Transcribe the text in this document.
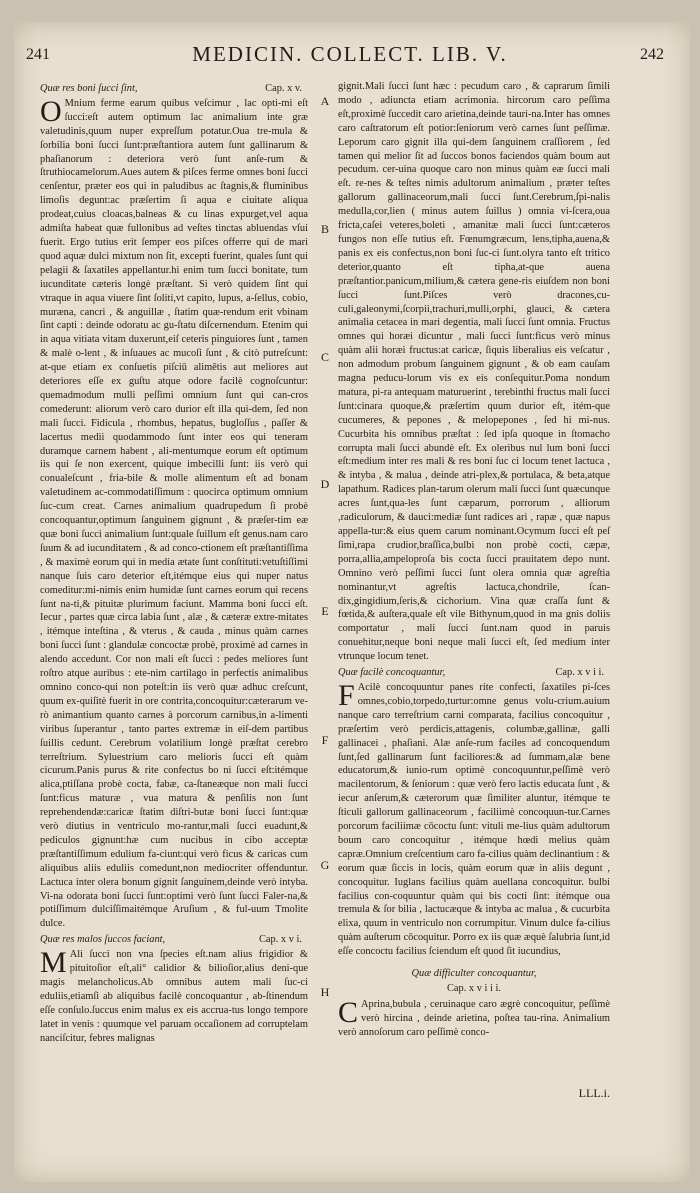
241	MEDICIN. COLLECT. LIB. V.	242
Quæ res boni ſucci ſint,	Cap. x v.

O Mnium ferme earum quibus veſcimur , lac opti-mi eſt ſucci:eſt autem optimum lac animalium inte græ valetudinis,quum nuper expreſſum potatur.Oua tre-mula & ſorbilia boni ſucci ſunt:præſtantiora autem ſunt gallinarum & phaſianorum : deteriora verò ſunt anſe-rum & ſtruthiocamelorum.Aues autem & piſces ferme omnes boni ſucci cenſentur, præter eos qui in paludibus ac ſtagnis,& fluminibus limoſis degunt:ac præſertim ſi aqua e ciuitate aliqua prodeat,cuius cloacas,balneas & cu linas expurget,vel aqua admiſta habeat quæ fullonibus ad veſtes tinctas abluendas vſui fuerit. Ergo tutius erit ſemper eos piſces offerre qui de mari quod aquæ dulci mixtum non ſit, excepti fuerint, quales ſunt qui pelagii & ſaxatiles appellantur.hi enim tum ſucci bonitate, tum iucunditate cæteris longè præſtant. Si verò quidem ſint qui vtraque in aqua viuere ſint ſoliti,vt capito, lupus, a-ſellus, cobio, murænа, cancri , & anguillæ , ſtatim quæ-rendum erit vbinam ſint capti : deinde odoratu ac gu-ſtatu diſcernendum. Etenim qui in aqua vitiata vitam duxerunt,eiſ ceteris pinguiores ſunt , tamen & malè o-lent , & inſuaues ac mucoſi ſunt , & citò putreſcunt: at-que etiam ex conſuetis piſciū alimētis aut meliores aut deteriores eſſe ex guſtu atque odore facilè cognoſcuntur: quemadmodum mulli peſſimi omnium ſunt qui can-cros comederunt: aliorum verò caro durior eſt illa qui-dem, ſed non mali ſucci. Fidicula , rhombus, hepatus, bugloſſus , paſſer & lacertus medii quodammodo ſunt inter eos qui teneram duramque carnem habent , ali-mentumque eorum eſt optimum iis qui ſe non exercent, quique imbecilli ſunt: iis verò qui conualeſcunt , fria-bile & molle alimentum eſt ad bonam valetudinem ac-commodatiſſimum : quocirca optimum omnium ſuc-cum creat. Carnes animalium quadrupedum ſi probè concoquantur,optimum ſanguinem gignunt , & præſer-tim eæ quæ boni ſucci animalium ſunt:quale ſuillum eſt genus.nam caro ſuum & ad iucunditatem , & ad conco-ctionem eſt præſtantiſſima , & maximè eorum qui in media ætate ſunt conſtituti:vetuſtiſſimi nanque ſuis caro deterior eſt,itémque eius qui nuper natus comeditur:mi-nimis enim humidæ ſunt carnes eorum qui recens ſunt na-ti,& pituitæ plurimum faciunt. Mamma boni ſucci eſt. Iecur , partes quæ circa labia ſunt , alæ , & cæteræ extre-mitates , itémque inteſtina , & vterus , & cauda , minus quàm carnes boni ſucci ſunt : glandulæ concoctæ probè, proximè ad carnes in alendo accedunt. Cor non mali eſt ſucci : pedes meliores ſunt roſtro atque auribus : ete-nim cartilago in perfectis animalibus omnino conco-qui non poteſt:in iis verò quæ adhuc creſcunt, quum ex-quiſitè fuerit in ore contrita,concoquitur:cæterarum ve-rò animantium quanto carnes à porcorum carnibus,in a-limenti viribus ſuperantur , tanto partes extremæ in eiſ-dem partibus ſuillis cedunt. Cerebrum volatilium longè præſtat cerebro terreſtrium. Syluestrium caro melioris ſucci eſt quàm cicurum.Panis purus & rite confectus bo ni ſucci eſt:itémque alica,ptiſſana probè cocta, fabæ, ca-ſtaneæque non mali ſucci ſunt:ficus maturæ , vua matura & penſilis non ſunt reprehendendæ:caricæ ſtatim diſtri-butæ boni ſucci ſunt:quæ verò diutius in ventriculo mo-rantur,mali ſucci euadunt,& pediculos gignunt:hæ cum nucibus in cibo acceptæ præſtantiſſimum edulium fa-ciunt:qui verò ficus & caricas cum aliquibus aliis eduliis comedunt,non mediocriter offenduntur. Lactuca inter olera bonum gignit ſanguinem,deinde verò intyba. Vi-na odorata boni ſucci ſunt:optimi verò ſunt ſucci Faler-na,& potiſſimum dulciſſimaitémque Aruſium , & ful-uum Tmolite dulce.

Quæ res malos ſuccos faciant,	Cap. x v i.

M Ali ſucci non vna ſpecies eſt.nam alius frigidior & pituitoſior eſt,ali° calidior & bilioſior,alius deni-que magis melancholicus.Ab omnibus autem mali ſuc-ci eduliis,etiamſi ab aliquibus facilè concoquantur , ab-ſtinendum eſſe conſulo.ſuccus enim malus ex eis accrua-tus longo tempore latet in venis : quumque vel paruam occaſionem ad corruptelam nanciſcitur, febres malignas

A
B
C
D
E
F
G
H

gignit.Mali ſucci ſunt hæc : pecudum caro , & caprarum ſimili modo , adiuncta etiam acrimonia. hircorum caro peſſima eſt,proximè ſuccedit caro arietina,deinde tauri-na.Inter has omnes caro caſtratorum eſt potior:ſeniorum verò carnes ſunt peſſimæ. Leporum caro gignit illa qui-dem ſanguinem craſſiorem , ſed tamen qui melior ſit ad ſuccos bonos faciendos quàm boum aut pecudum. cer-uina quoque caro non minus quàm eæ ſucci mali eſt. re-nes & teſtes nimis adultorum animalium , præter teſtes gallorum gallinaceorum,mali ſucci ſunt.Cerebrum,ſpi-nalis medulla,cor,lien ( minus autem ſuillus ) omnia vi-ſcera,oua fricta,caſei veteres,boleti , amanitæ mali ſucci ſunt:cæteros fungos non eſſe tutius eſt. Fœnumgræcum, lens,tipha,auena,& panis ex eis confectus,non boni ſuc-ci ſunt.olyra tanto eſt tritico deterior,quanto eſt tipha,at-que auena præſtantior.panicum,milium,& cætera gene-ris eiuſdem non boni ſucci ſunt.Piſces verò dracones,cu-culi,galeonymi,ſcorpii,trachuri,mulli,orphi, glauci, & cætera animalia cetacea in mari degentia, mali ſucci ſunt omnia. Fructus omnes qui horæi dicuntur , mali ſucci ſunt:ficus verò minus quàm alii horæi fructus:at caricæ, ſiquis liberalius eis veſcatur , non admodum probum ſanguinem gignunt , & ob eam cauſam magna peducu-lorum vis ex eis conſequitur.Poma nondum matura, pi-ra antequam maturuerint , terebinthi fructus mali ſucci ſunt:cinara quoque,& præſertim quum durior eſt, itém-que cucumeres, & pepones , & melopepones , ſed hi mi-nus. Cucurbita his omnibus præſtat : ſed ipſa quoque in ſtomacho corrupta mali ſucci abundè eſt. Ex oleribus nul lum boni ſucci eſt:medium inter res mali & res boni ſuc ci locum tenet lactuca , & intyba , & malua , deinde atri-plex,& portulaca, & beta,atque lapathum. Radices plan-tarum olerum mali ſucci ſunt quæcunque acres ſunt,qua-les ſunt cæparum, porrorum , alliorum ,radiculorum, & dauci:mediæ ſunt radices ari , rapæ , quæ napus appella-tur:& eius quem carum nominant.Ocymum ſucci eſt peſ ſimi,rapa crudior,braſſica,bulbi non probè cocti, cæpæ, porra,allia,ampeloproſa bis cocta ſucci prauitatem depo nunt. Omnino verò peſſimi ſucci ſunt olera omnia quæ agreſtia nominantur,vt agreſtis lactuca,chondrile, ſcan-dix,gingidium,ſeris,& cichorium. Vina quæ craſſa ſunt & fœtida,& auſtera,quale eſt vile Bithynum,quod in ma gnis doliis comportatur , mali ſucci ſunt.nam quod in paruis conuehitur,neque boni neque mali ſucci eſt, ſed medium inter vtrunque locum tenet.

Quæ facilè concoquantur,	Cap. x v i i.

F Acilè concoquuntur panes rite confecti, ſaxatiles pi-ſces omnes,cobio,torpedo,turtur:omne genus volu-crium.auium nanque caro terreſtrium carni comparata, facilius concoquitur , præſertim verò perdicis,attagenis, columbæ,gallinæ, galli gallinacei , phaſiani. Alæ anſe-rum faciles ad concoquendum ſunt,ſed gallinarum ſunt faciliores:& ad ſummam,alæ bene educatorum,& iunio-rum optimè concoquuntur,peſſimè verò macilentorum, & ſeniorum : quæ verò fero lactis educata ſunt , & iecur anſerum,& cæterorum quæ ſimiliter aluntur, itémque te ſticuli gallorum gallinaceorum , faciliimè concoquun-tur.Carnes porcorum faciliimæ cōcoctu ſunt: vituli me-lius quàm adultorum boum caro concoquitur , itémque hœdi melius quàm capræ.Omnium creſcentium caro fa-cilius quàm declinantium : & eorum quæ ſiccis in locis, quàm eorum quæ in aliis degunt , concoquitur. Iuglans facilius quàm auellana concoquitur. bulbi facilius con-coquuntur quàm qui bis cocti ſint: itémque oua tremula & ſor bilia , lactucæque & intyba ac malua , & cucurbita elixa, quum in ventriculo non corrumpitur. Vinum dulce fa-cilius quàm auſterum cōcoquitur. Porro ex iis quæ æquè ſalubria ſunt,id eſſe concoctu facilius ſciendum eſt quod ſit iucundius,

Quæ difficulter concoquantur,
Cap. x v i i i.

C Aprina,bubula , ceruinaque caro ægrè concoquitur, peſſimè verò hircina , deinde arietina, poſtea tau-rina. Animalium verò annoſorum caro peſſimè conco-

LLL.i.
